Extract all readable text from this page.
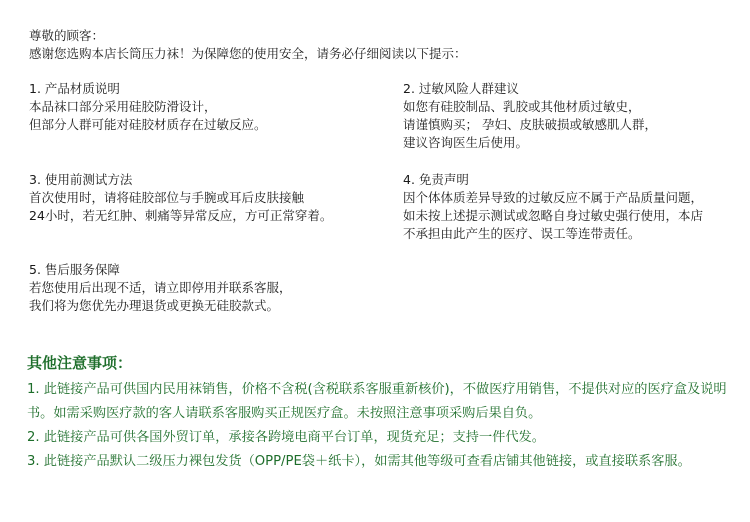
尊敬的顾客：

感谢您选购本店长筒压力袜！为保障您的使用安全，请务必仔细阅读以下提示：

1. 产品材质说明

本品袜口部分采用硅胶防滑设计，

但部分人群可能对硅胶材质存在过敏反应。

2. 过敏风险人群建议

如您有硅胶制品、乳胶或其他材质过敏史，

请谨慎购买； 孕妇、皮肤破损或敏感肌人群，

建议咨询医生后使用。

3. 使用前测试方法

首次使用时，请将硅胶部位与手腕或耳后皮肤接触

24小时，若无红肿、刺痛等异常反应，方可正常穿着。

4. 免责声明

因个体体质差异导致的过敏反应不属于产品质量问题，如未按上述提示测试或忽略自身过敏史强行使用，本店不承担由此产生的医疗、误工等连带责任。

5. 售后服务保障

若您使用后出现不适，请立即停用并联系客服，

我们将为您优先办理退货或更换无硅胶款式。

其他注意事项：

1. 此链接产品可供国内民用袜销售，价格不含税(含税联系客服重新核价)，不做医疗用销售，不提供对应的医疗盒及说明书。如需采购医疗款的客人请联系客服购买正规医疗盒。未按照注意事项采购后果自负。

2. 此链接产品可供各国外贸订单，承接各跨境电商平台订单，现货充足；支持一件代发。

3. 此链接产品默认二级压力裸包发货（OPP/PE袋＋纸卡），如需其他等级可查看店铺其他链接，或直接联系客服。
